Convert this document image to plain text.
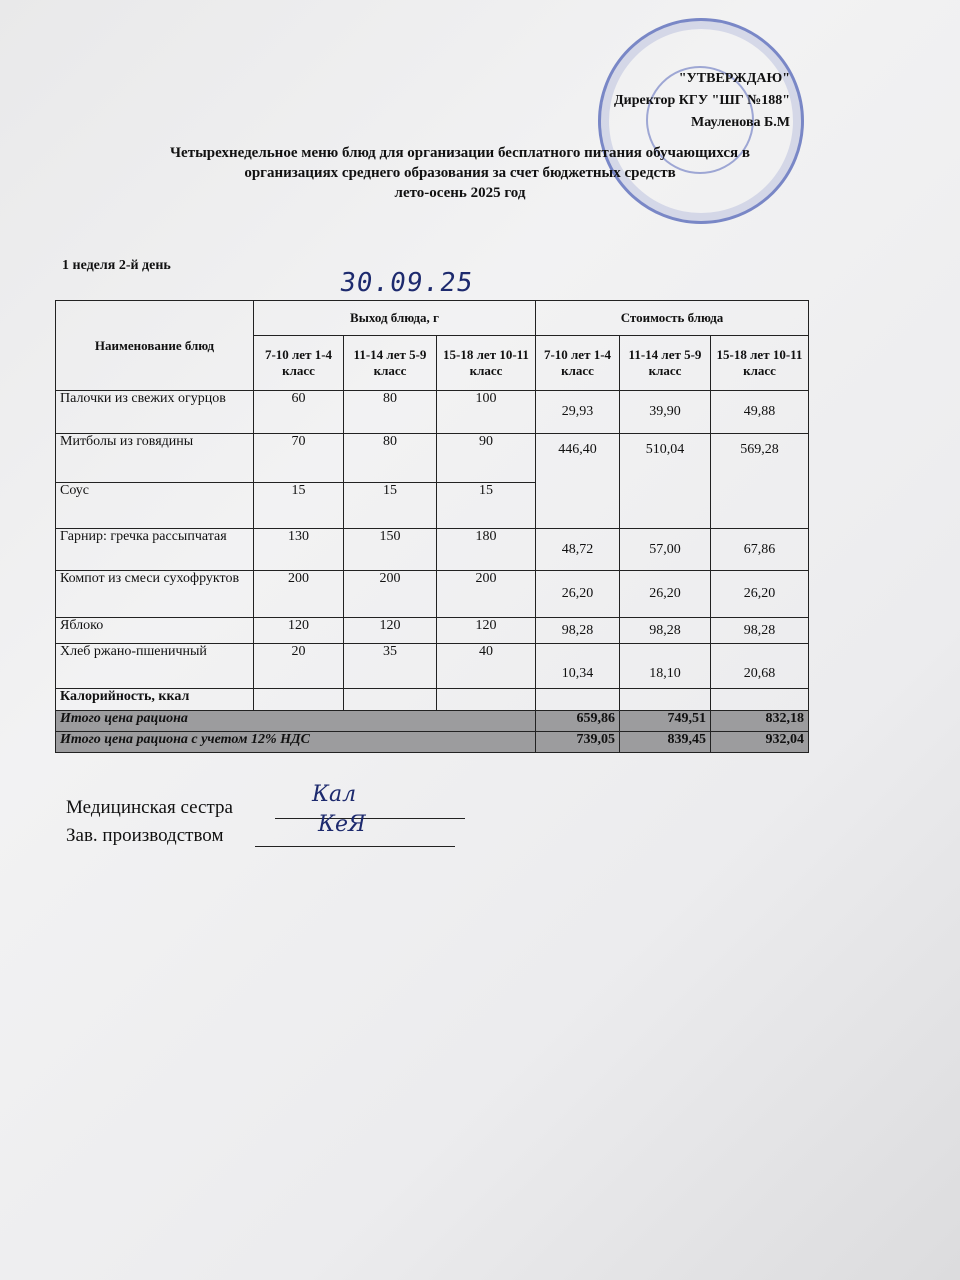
"УТВЕРЖДАЮ"
Директор КГУ "ШГ №188"
Мауленова Б.М
Четырехнедельное меню блюд для организации бесплатного питания обучающихся в
организациях среднего образования за счет бюджетных средств
лето-осень 2025 год
1 неделя 2-й день
30.09.25
Наименование блюд	Выход блюда, г			Стоимость блюда		
	7-10 лет 1-4 класс	11-14 лет 5-9 класс	15-18 лет 10-11 класс	7-10 лет 1-4 класс	11-14 лет 5-9 класс	15-18 лет 10-11 класс
Палочки из свежих огурцов	60	80	100	29,93	39,90	49,88
Митболы из говядины	70	80	90	446,40	510,04	569,28
Соус	15	15	15			
Гарнир: гречка рассыпчатая	130	150	180	48,72	57,00	67,86
Компот из смеси сухофруктов	200	200	200	26,20	26,20	26,20
Яблоко	120	120	120	98,28	98,28	98,28
Хлеб ржано-пшеничный	20	35	40	10,34	18,10	20,68
Калорийность, ккал						
Итого цена рациона				659,86	749,51	832,18
Итого цена рациона с учетом 12% НДС				739,05	839,45	932,04
Медицинская сестра
Кал
Зав. производством	КеЯ
